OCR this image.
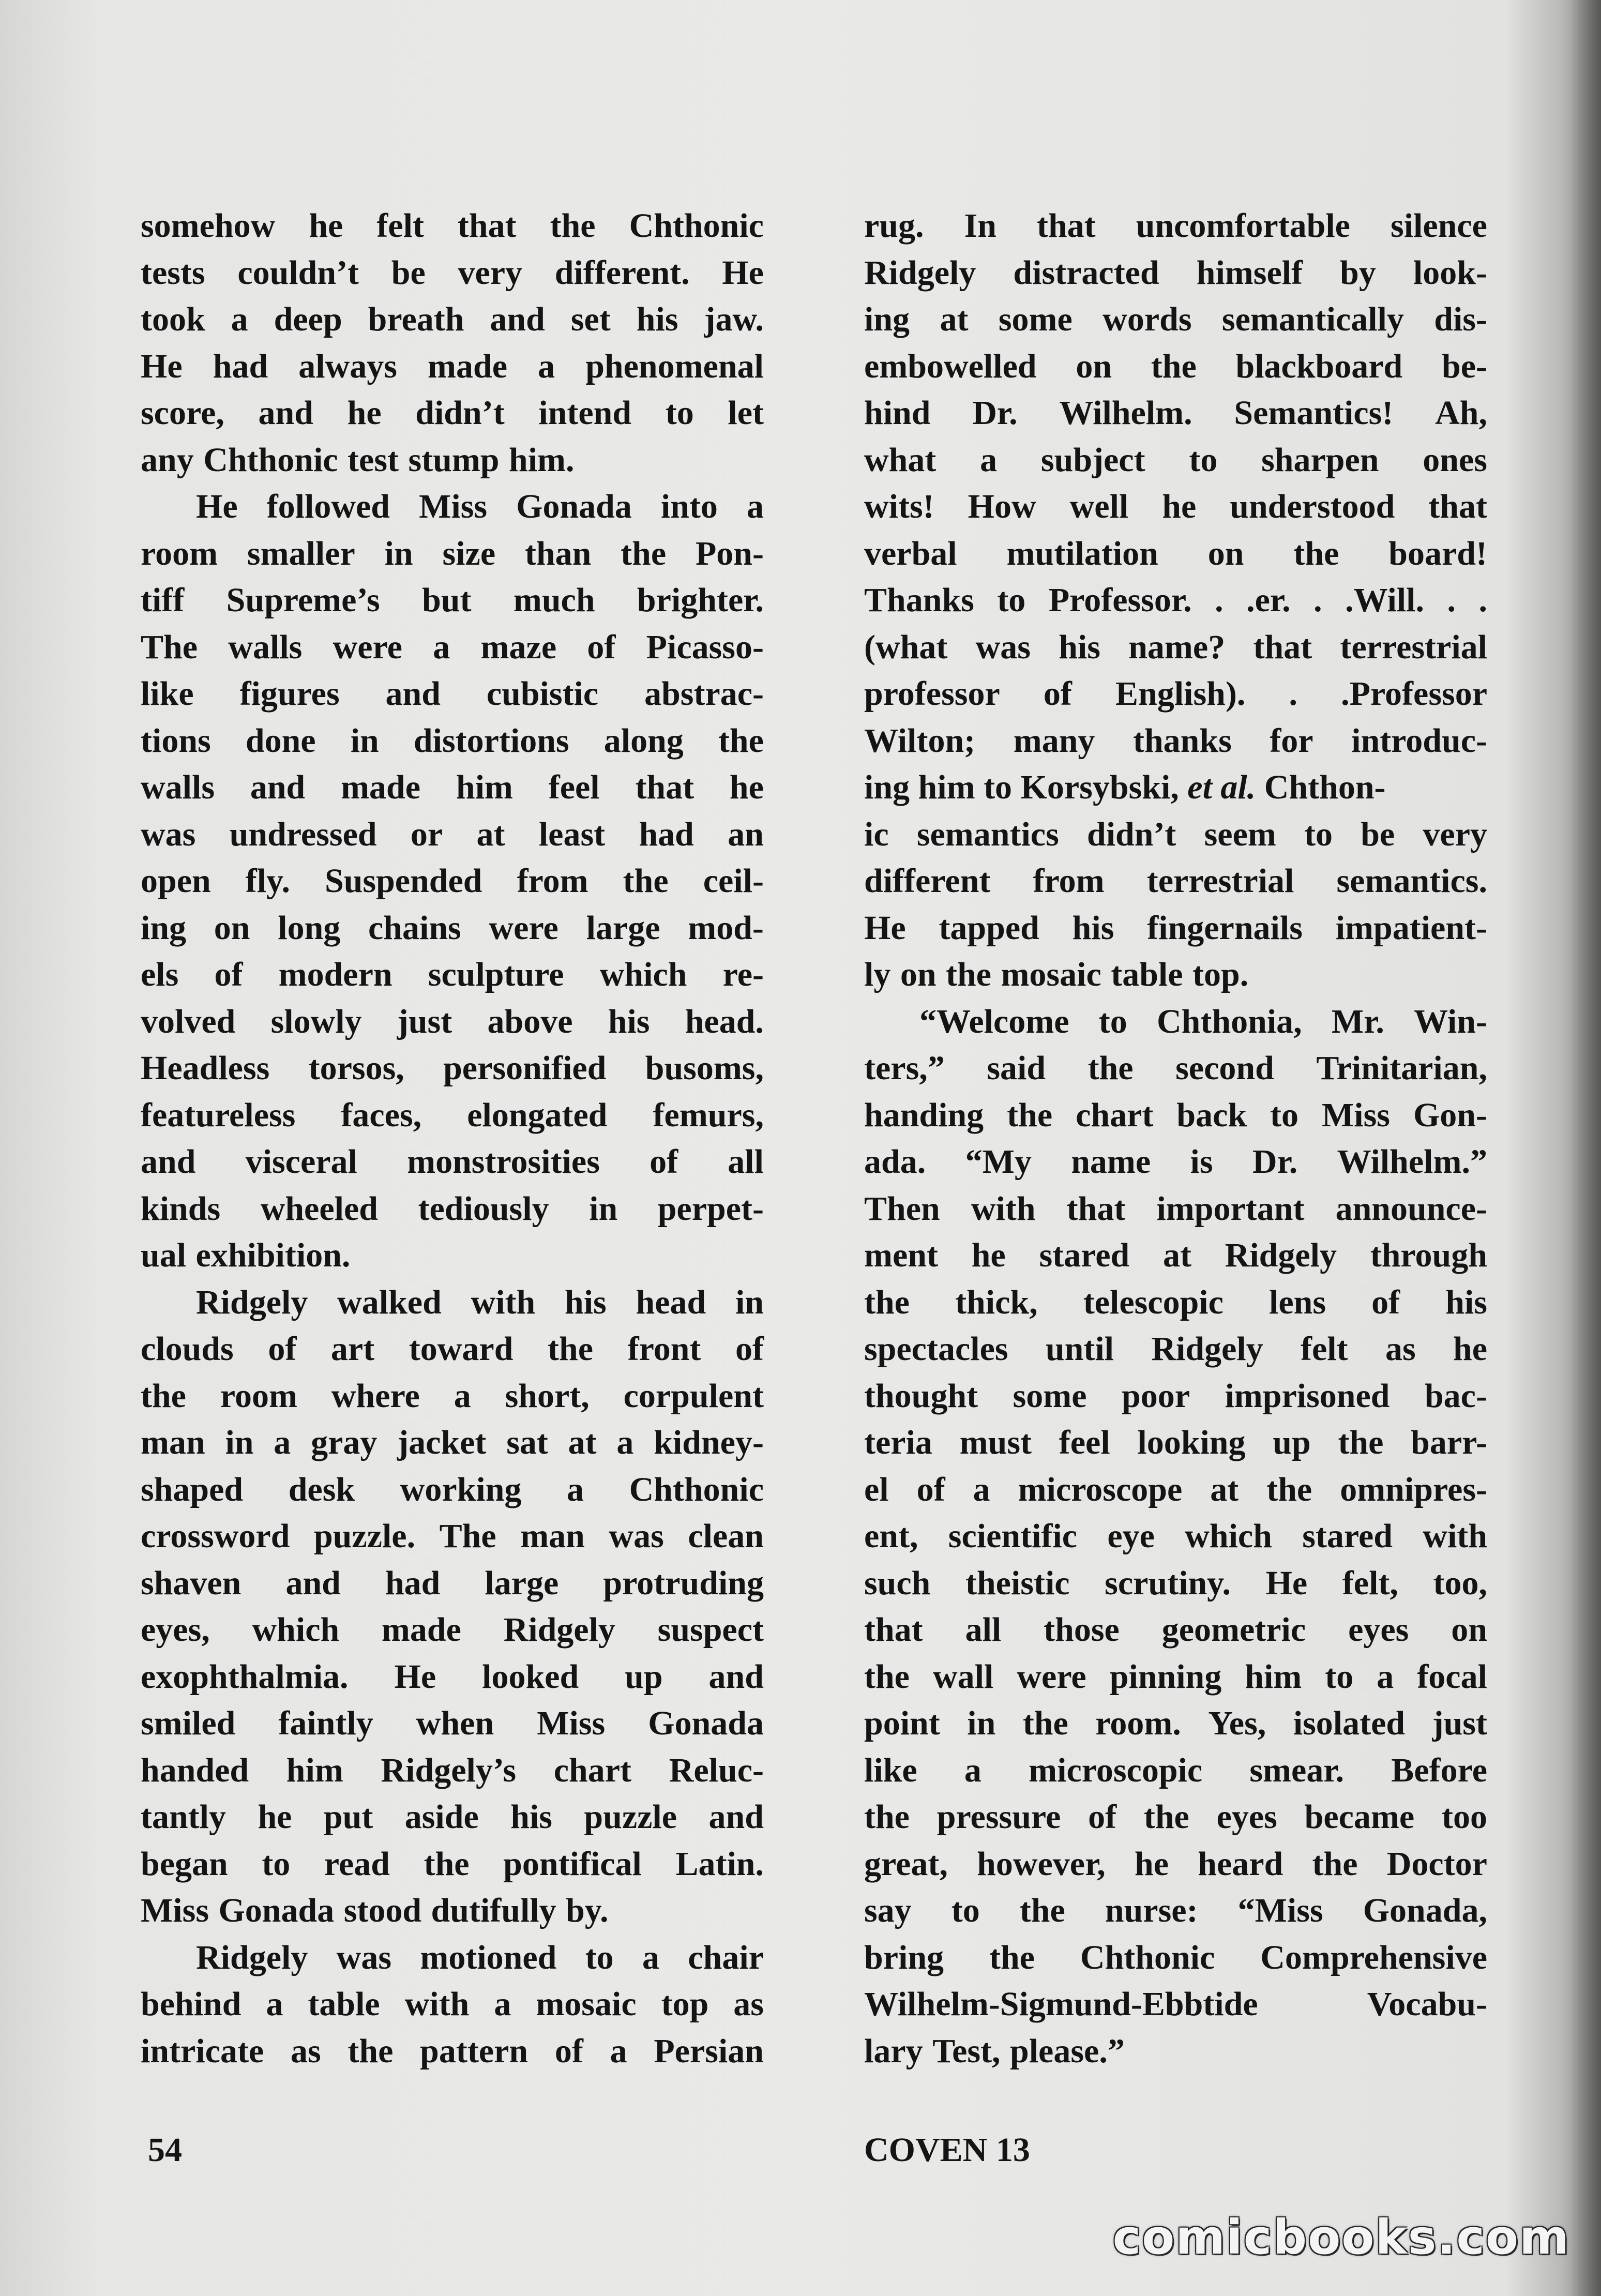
somehow he felt that the Chthonic
tests couldn’t be very different. He
took a deep breath and set his jaw.
He had always made a phenomenal
score, and he didn’t intend to let
any Chthonic test stump him.
He followed Miss Gonada into a
room smaller in size than the Pon-
tiff Supreme’s but much brighter.
The walls were a maze of Picasso-
like figures and cubistic abstrac-
tions done in distortions along the
walls and made him feel that he
was undressed or at least had an
open fly. Suspended from the ceil-
ing on long chains were large mod-
els of modern sculpture which re-
volved slowly just above his head.
Headless torsos, personified busoms,
featureless faces, elongated femurs,
and visceral monstrosities of all
kinds wheeled tediously in perpet-
ual exhibition.
Ridgely walked with his head in
clouds of art toward the front of
the room where a short, corpulent
man in a gray jacket sat at a kidney-
shaped desk working a Chthonic
crossword puzzle. The man was clean
shaven and had large protruding
eyes, which made Ridgely suspect
exophthalmia. He looked up and
smiled faintly when Miss Gonada
handed him Ridgely’s chart Reluc-
tantly he put aside his puzzle and
began to read the pontifical Latin.
Miss Gonada stood dutifully by.
Ridgely was motioned to a chair
behind a table with a mosaic top as
intricate as the pattern of a Persian
rug. In that uncomfortable silence
Ridgely distracted himself by look-
ing at some words semantically dis-
embowelled on the blackboard be-
hind Dr. Wilhelm. Semantics! Ah,
what a subject to sharpen ones
wits! How well he understood that
verbal mutilation on the board!
Thanks to Professor. . .er. . .Will. . .
(what was his name? that terrestrial
professor of English). . .Professor
Wilton; many thanks for introduc-
ing him to Korsybski, et al. Chthon-
ic semantics didn’t seem to be very
different from terrestrial semantics.
He tapped his fingernails impatient-
ly on the mosaic table top.
“Welcome to Chthonia, Mr. Win-
ters,” said the second Trinitarian,
handing the chart back to Miss Gon-
ada. “My name is Dr. Wilhelm.”
Then with that important announce-
ment he stared at Ridgely through
the thick, telescopic lens of his
spectacles until Ridgely felt as he
thought some poor imprisoned bac-
teria must feel looking up the barr-
el of a microscope at the omnipres-
ent, scientific eye which stared with
such theistic scrutiny. He felt, too,
that all those geometric eyes on
the wall were pinning him to a focal
point in the room. Yes, isolated just
like a microscopic smear. Before
the pressure of the eyes became too
great, however, he heard the Doctor
say to the nurse: “Miss Gonada,
bring the Chthonic Comprehensive
Wilhelm-Sigmund-Ebbtide	Vocabu-
lary Test, please.”
54	COVEN 13
comicbooks.com
